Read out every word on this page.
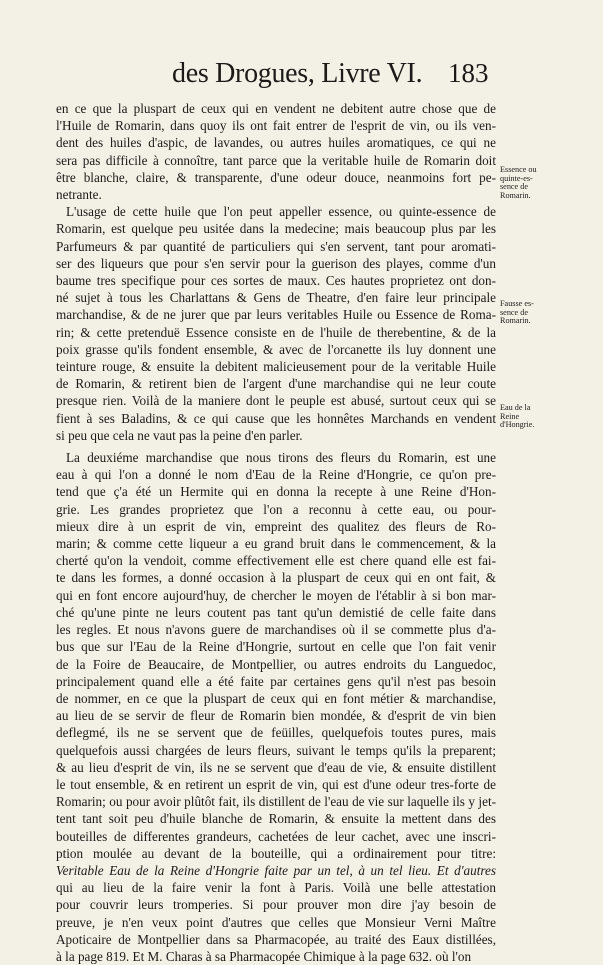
des Drogues, Livre VI. 183

en ce que la pluspart de ceux qui en vendent ne debitent autre chose que de
l'Huile de Romarin, dans quoy ils ont fait entrer de l'esprit de vin, ou ils ven-
dent des huiles d'aspic, de lavandes, ou autres huiles aromatiques, ce qui ne
sera pas difficile à connoître, tant parce que la veritable huile de Romarin doit
être blanche, claire, & transparente, d'une odeur douce, neanmoins fort pe-
netrante.

L'usage de cette huile que l'on peut appeller essence, ou quinte-essence de
Romarin, est quelque peu usitée dans la medecine; mais beaucoup plus par les
Parfumeurs & par quantité de particuliers qui s'en servent, tant pour aromati-
ser des liqueurs que pour s'en servir pour la guerison des playes, comme d'un
baume tres specifique pour ces sortes de maux. Ces hautes proprietez ont don-
né sujet à tous les Charlattans & Gens de Theatre, d'en faire leur principale
marchandise, & de ne jurer que par leurs veritables Huile ou Essence de Roma-
rin; & cette pretenduë Essence consiste en de l'huile de therebentine, & de la
poix grasse qu'ils fondent ensemble, & avec de l'orcanette ils luy donnent une
teinture rouge, & ensuite la debitent malicieusement pour de la veritable Huile
de Romarin, & retirent bien de l'argent d'une marchandise qui ne leur coute
presque rien. Voilà de la maniere dont le peuple est abusé, surtout ceux qui se
fient à ses Baladins, & ce qui cause que les honnêtes Marchands en vendent
si peu que cela ne vaut pas la peine d'en parler.

La deuxiéme marchandise que nous tirons des fleurs du Romarin, est une
eau à qui l'on a donné le nom d'Eau de la Reine d'Hongrie, ce qu'on pre-
tend que ç'a été un Hermite qui en donna la recepte à une Reine d'Hon-
grie. Les grandes proprietez que l'on a reconnu à cette eau, ou pour-
mieux dire à un esprit de vin, empreint des qualitez des fleurs de Ro-
marin; & comme cette liqueur a eu grand bruit dans le commencement, & la
cherté qu'on la vendoit, comme effectivement elle est chere quand elle est fai-
te dans les formes, a donné occasion à la pluspart de ceux qui en ont fait, &
qui en font encore aujourd'huy, de chercher le moyen de l'établir à si bon mar-
ché qu'une pinte ne leurs coutent pas tant qu'un demistié de celle faite dans
les regles. Et nous n'avons guere de marchandises où il se commette plus d'a-
bus que sur l'Eau de la Reine d'Hongrie, surtout en celle que l'on fait venir
de la Foire de Beaucaire, de Montpellier, ou autres endroits du Languedoc,
principalement quand elle a été faite par certaines gens qu'il n'est pas besoin
de nommer, en ce que la pluspart de ceux qui en font métier & marchandise,
au lieu de se servir de fleur de Romarin bien mondée, & d'esprit de vin bien
deflegmé, ils ne se servent que de feüilles, quelquefois toutes pures, mais
quelquefois aussi chargées de leurs fleurs, suivant le temps qu'ils la preparent;
& au lieu d'esprit de vin, ils ne se servent que d'eau de vie, & ensuite distillent
le tout ensemble, & en retirent un esprit de vin, qui est d'une odeur tres-forte de
Romarin; ou pour avoir plûtôt fait, ils distillent de l'eau de vie sur laquelle ils y jet-
tent tant soit peu d'huile blanche de Romarin, & ensuite la mettent dans des
bouteilles de differentes grandeurs, cachetées de leur cachet, avec une inscri-
ption moulée au devant de la bouteille, qui a ordinairement pour titre:
Veritable Eau de la Reine d'Hongrie faite par un tel, à un tel lieu. Et d'autres
qui au lieu de la faire venir la font à Paris. Voilà une belle attestation
pour couvrir leurs tromperies. Si pour prouver mon dire j'ay besoin de
preuve, je n'en veux point d'autres que celles que Monsieur Verni Maître
Apoticaire de Montpellier dans sa Pharmacopée, au traité des Eaux distillées,
à la page 819. Et M. Charas à sa Pharmacopée Chimique à la page 632. où l'on

Essence ou
quinte-es-
sence de
Romarin.
Fausse es-
sence de
Romarin.
Eau de la
Reine
d'Hongrie.
